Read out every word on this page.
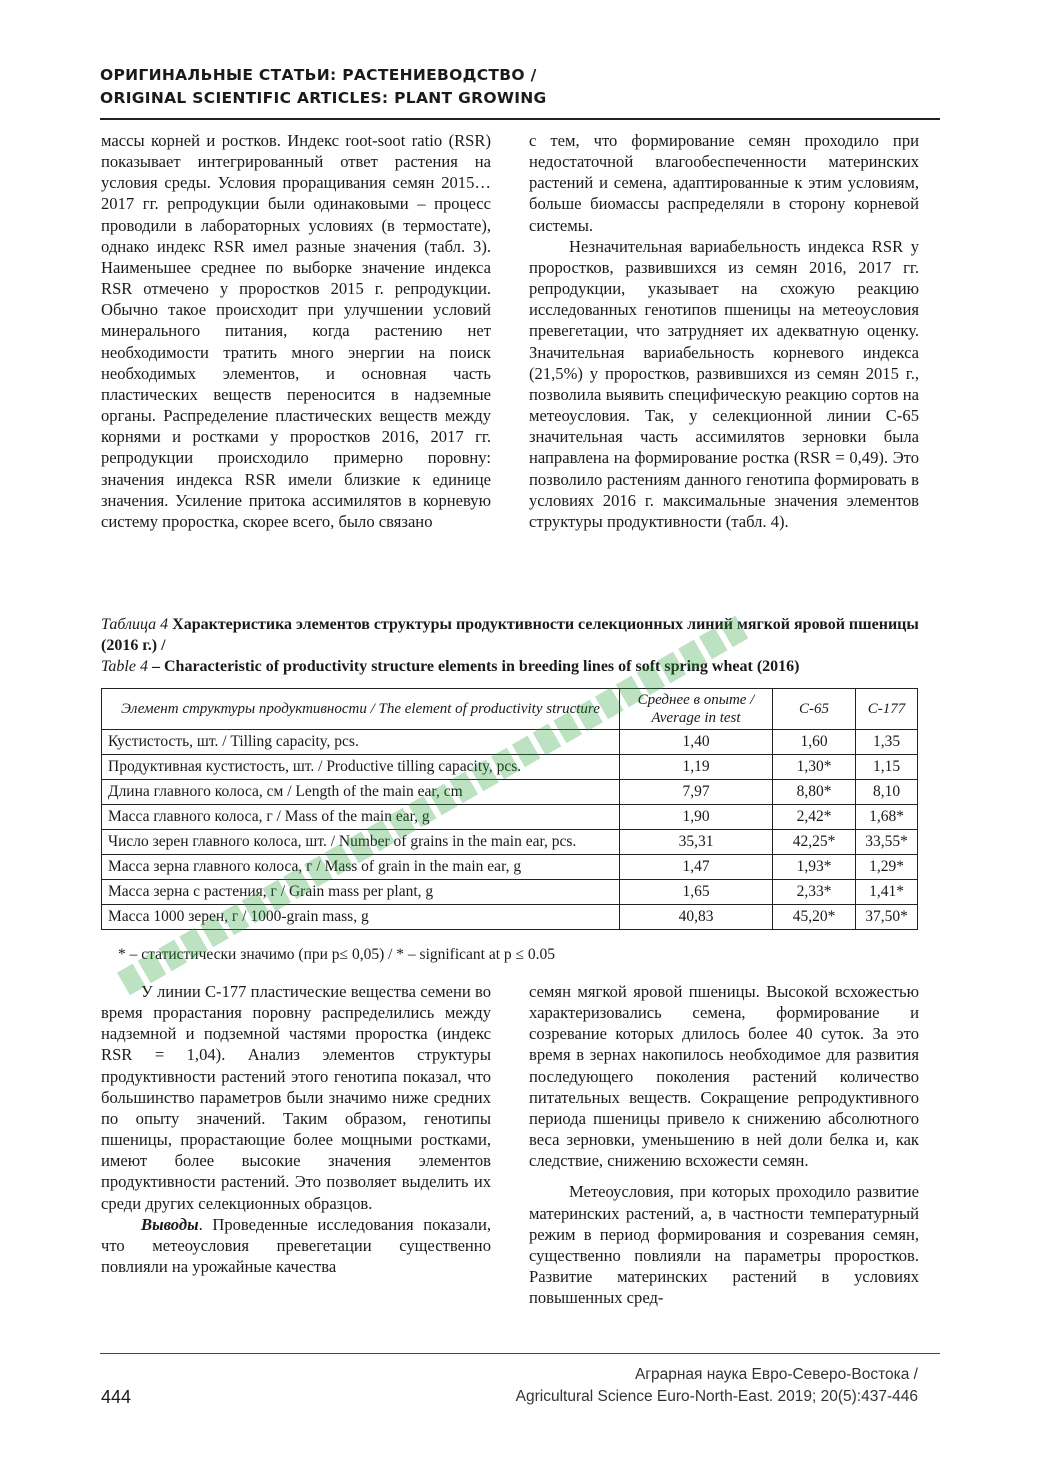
ОРИГИНАЛЬНЫЕ СТАТЬИ: РАСТЕНИЕВОДСТВО /
ORIGINAL SCIENTIFIC ARTICLES: PLANT GROWING

массы корней и ростков. Индекс root-soot ratio (RSR) показывает интегрированный ответ растения на условия среды. Условия проращивания семян 2015…2017 гг. репродукции были одинаковыми – процесс проводили в лабораторных условиях (в термостате), однако индекс RSR имел разные значения (табл. 3). Наименьшее среднее по выборке значение индекса RSR отмечено у проростков 2015 г. репродукции. Обычно такое происходит при улучшении условий минерального питания, когда растению нет необходимости тратить много энергии на поиск необходимых элементов, и основная часть пластических веществ переносится в надземные органы. Распределение пластических веществ между корнями и ростками у проростков 2016, 2017 гг. репродукции происходило примерно поровну: значения индекса RSR имели близкие к единице значения. Усиление притока ассимилятов в корневую систему проростка, скорее всего, было связано

с тем, что формирование семян проходило при недостаточной влагообеспеченности материнских растений и семена, адаптированные к этим условиям, больше биомассы распределяли в сторону корневой системы.

Незначительная вариабельность индекса RSR у проростков, развившихся из семян 2016, 2017 гг. репродукции, указывает на схожую реакцию исследованных генотипов пшеницы на метеоусловия превегетации, что затрудняет их адекватную оценку. Значительная вариабельность корневого индекса (21,5%) у проростков, развившихся из семян 2015 г., позволила выявить специфическую реакцию сортов на метеоусловия. Так, у селекционной линии С-65 значительная часть ассимилятов зерновки была направлена на формирование ростка (RSR = 0,49). Это позволило растениям данного генотипа формировать в условиях 2016 г. максимальные значения элементов структуры продуктивности (табл. 4).

Таблица 4 Характеристика элементов структуры продуктивности селекционных линий мягкой яровой пшеницы (2016 г.) /
Table 4 – Characteristic of productivity structure elements in breeding lines of soft spring wheat (2016)
Элемент структуры продуктивности / The element of productivity structure	Среднее в опыте / Average in test	С-65	С-177
Кустистость, шт. / Tilling capacity, pcs.	1,40	1,60	1,35
Продуктивная кустистость, шт. / Productive tilling capacity, pcs.	1,19	1,30*	1,15
Длина главного колоса, см / Length of the main ear, cm	7,97	8,80*	8,10
Масса главного колоса, г / Mass of the main ear, g	1,90	2,42*	1,68*
Число зерен главного колоса, шт. / Number of grains in the main ear, pcs.	35,31	42,25*	33,55*
Масса зерна главного колоса, г / Mass of grain in the main ear, g	1,47	1,93*	1,29*
Масса зерна с растения, г / Grain mass per plant, g	1,65	2,33*	1,41*
Масса 1000 зерен, г / 1000-grain mass, g	40,83	45,20*	37,50*
* – статистически значимо (при p≤ 0,05) / * – significant at p ≤ 0.05

У линии С-177 пластические вещества семени во время прорастания поровну распределились между надземной и подземной частями проростка (индекс RSR = 1,04). Анализ элементов структуры продуктивности растений этого генотипа показал, что большинство параметров были значимо ниже средних по опыту значений. Таким образом, генотипы пшеницы, прорастающие более мощными ростками, имеют более высокие значения элементов продуктивности растений. Это позволяет выделить их среди других селекционных образцов.

Выводы. Проведенные исследования показали, что метеоусловия превегетации существенно повлияли на урожайные качества

семян мягкой яровой пшеницы. Высокой всхожестью характеризовались семена, формирование и созревание которых длилось более 40 суток. За это время в зернах накопилось необходимое для развития последующего поколения растений количество питательных веществ. Сокращение репродуктивного периода пшеницы привело к снижению абсолютного веса зерновки, уменьшению в ней доли белка и, как следствие, снижению всхожести семян.

Метеоусловия, при которых проходило развитие материнских растений, а, в частности температурный режим в период формирования и созревания семян, существенно повлияли на параметры проростков. Развитие материнских растений в условиях повышенных сред-

444
Аграрная наука Евро-Северо-Востока /
Agricultural Science Euro-North-East. 2019; 20(5):437-446
